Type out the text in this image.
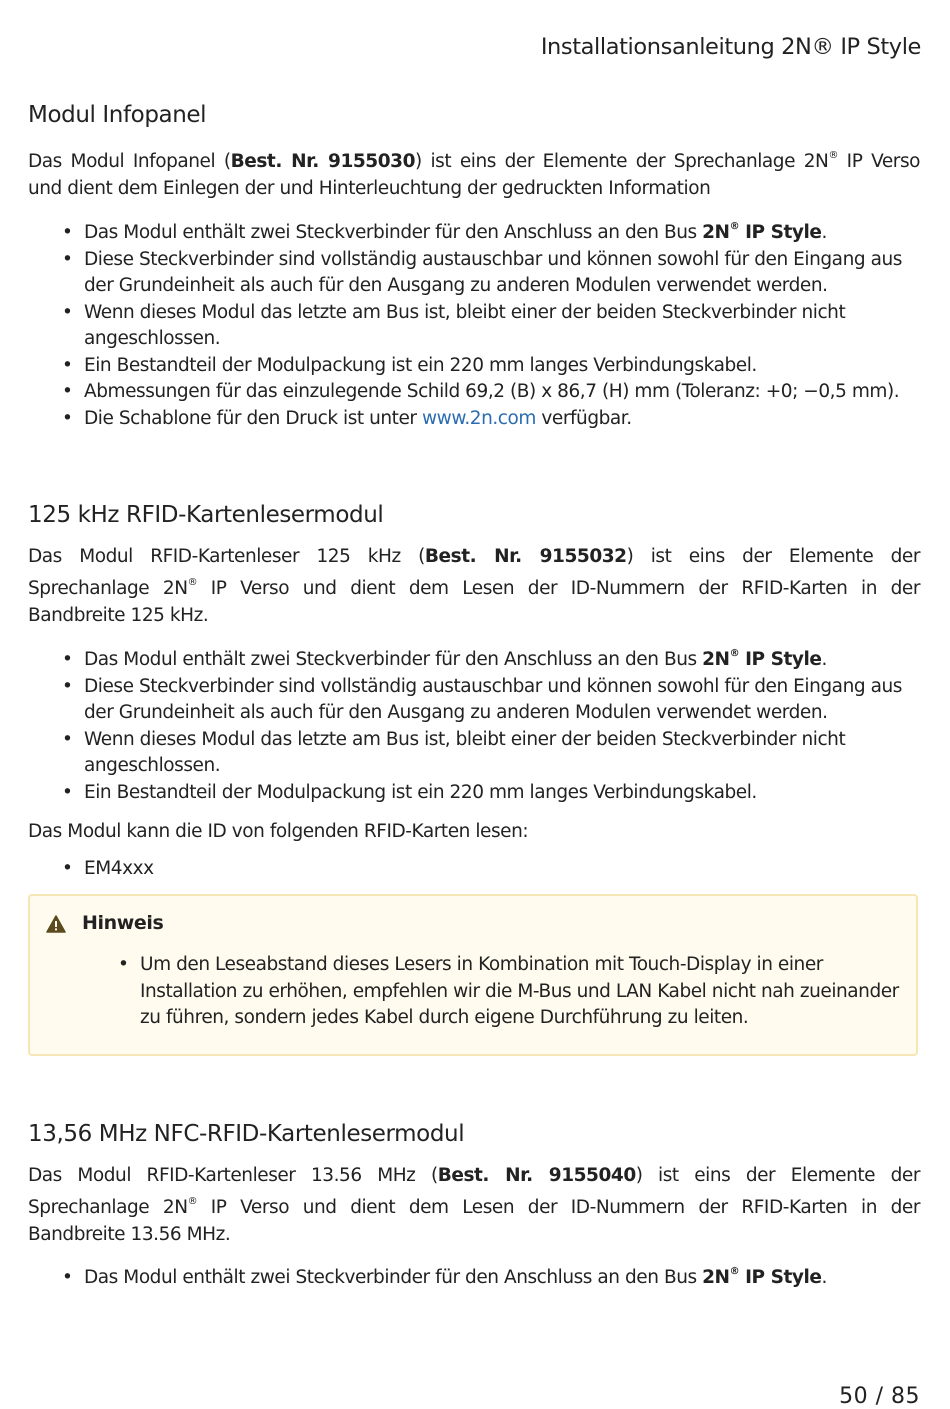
Installationsanleitung 2N® IP Style
Modul Infopanel

Das Modul Infopanel (Best. Nr. 9155030) ist eins der Elemente der Sprechanlage 2N® IP Verso
und dient dem Einlegen der und Hinterleuchtung der gedruckten Information

• Das Modul enthält zwei Steckverbinder für den Anschluss an den Bus 2N® IP Style.
• Diese Steckverbinder sind vollständig austauschbar und können sowohl für den Eingang aus der Grundeinheit als auch für den Ausgang zu anderen Modulen verwendet werden.
• Wenn dieses Modul das letzte am Bus ist, bleibt einer der beiden Steckverbinder nicht angeschlossen.
• Ein Bestandteil der Modulpackung ist ein 220 mm langes Verbindungskabel.
• Abmessungen für das einzulegende Schild 69,2 (B) x 86,7 (H) mm (Toleranz: +0; −0,5 mm).
• Die Schablone für den Druck ist unter www.2n.com verfügbar.
125 kHz RFID-Kartenlesermodul

Das Modul RFID-Kartenleser 125 kHz (Best. Nr. 9155032) ist eins der Elemente der
Sprechanlage 2N® IP Verso und dient dem Lesen der ID-Nummern der RFID-Karten in der
Bandbreite 125 kHz.

• Das Modul enthält zwei Steckverbinder für den Anschluss an den Bus 2N® IP Style.
• Diese Steckverbinder sind vollständig austauschbar und können sowohl für den Eingang aus der Grundeinheit als auch für den Ausgang zu anderen Modulen verwendet werden.
• Wenn dieses Modul das letzte am Bus ist, bleibt einer der beiden Steckverbinder nicht angeschlossen.
• Ein Bestandteil der Modulpackung ist ein 220 mm langes Verbindungskabel.

Das Modul kann die ID von folgenden RFID-Karten lesen:

• EM4xxx
Hinweis
• Um den Leseabstand dieses Lesers in Kombination mit Touch-Display in einer Installation zu erhöhen, empfehlen wir die M-Bus und LAN Kabel nicht nah zueinander zu führen, sondern jedes Kabel durch eigene Durchführung zu leiten.
13,56 MHz NFC-RFID-Kartenlesermodul

Das Modul RFID-Kartenleser 13.56 MHz (Best. Nr. 9155040) ist eins der Elemente der
Sprechanlage 2N® IP Verso und dient dem Lesen der ID-Nummern der RFID-Karten in der
Bandbreite 13.56 MHz.

• Das Modul enthält zwei Steckverbinder für den Anschluss an den Bus 2N® IP Style.
50 / 85
